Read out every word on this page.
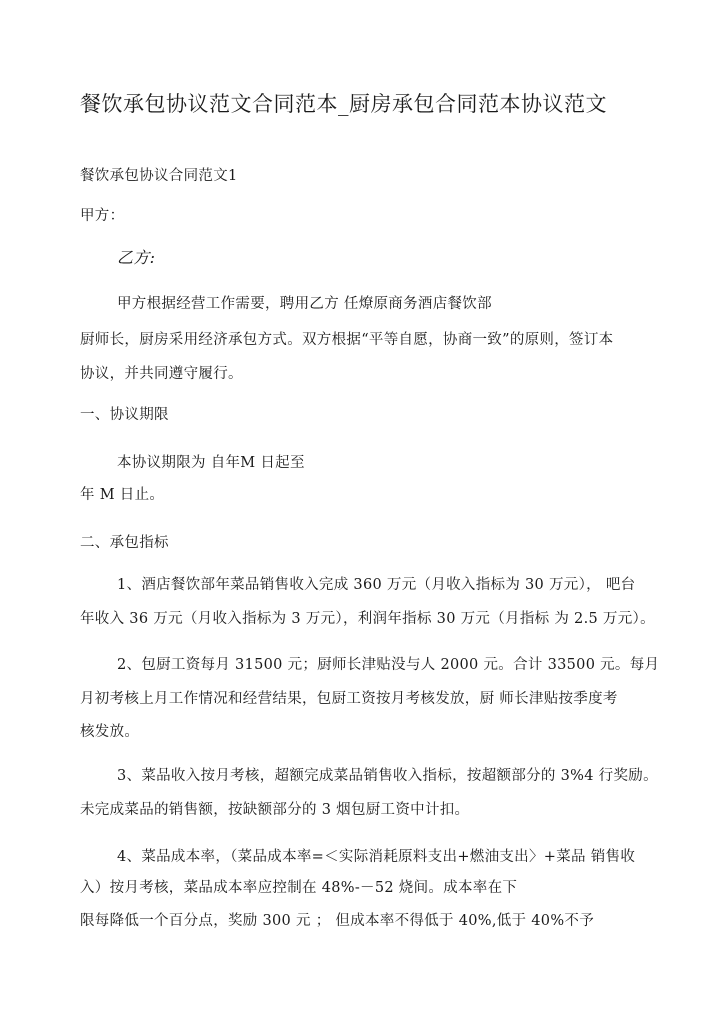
餐饮承包协议范文合同范本_厨房承包合同范本协议范文
餐饮承包协议合同范文1
甲方：
乙方:
甲方根据经营工作需要，聘用乙方 任燎原商务酒店餐饮部
厨师长，厨房采用经济承包方式。双方根据“平等自愿，协商一致”的原则，签订本
协议，并共同遵守履行。
一、协议期限
本协议期限为 自年M 日起至
年 M 日止。
二、承包指标
1、酒店餐饮部年菜品销售收入完成 360 万元（月收入指标为 30 万元）， 吧台
年收入 36 万元（月收入指标为 3 万元），利润年指标 30 万元（月指标 为 2.5 万元）。
2、包厨工资每月 31500 元；厨师长津贴没与人 2000 元。合计 33500 元。每月
月初考核上月工作情况和经营结果，包厨工资按月考核发放，厨 师长津贴按季度考
核发放。
3、菜品收入按月考核，超额完成菜品销售收入指标，按超额部分的 3%4 行奖励。
未完成菜品的销售额，按缺额部分的 3 烟包厨工资中计扣。
4、菜品成本率，（菜品成本率=＜实际消耗原料支出+燃油支出〉+菜品 销售收
入）按月考核，菜品成本率应控制在 48%-－52 烧间。成本率在下
限每降低一个百分点，奖励 300 元 ； 但成本率不得低于 40%,低于 40%不予
